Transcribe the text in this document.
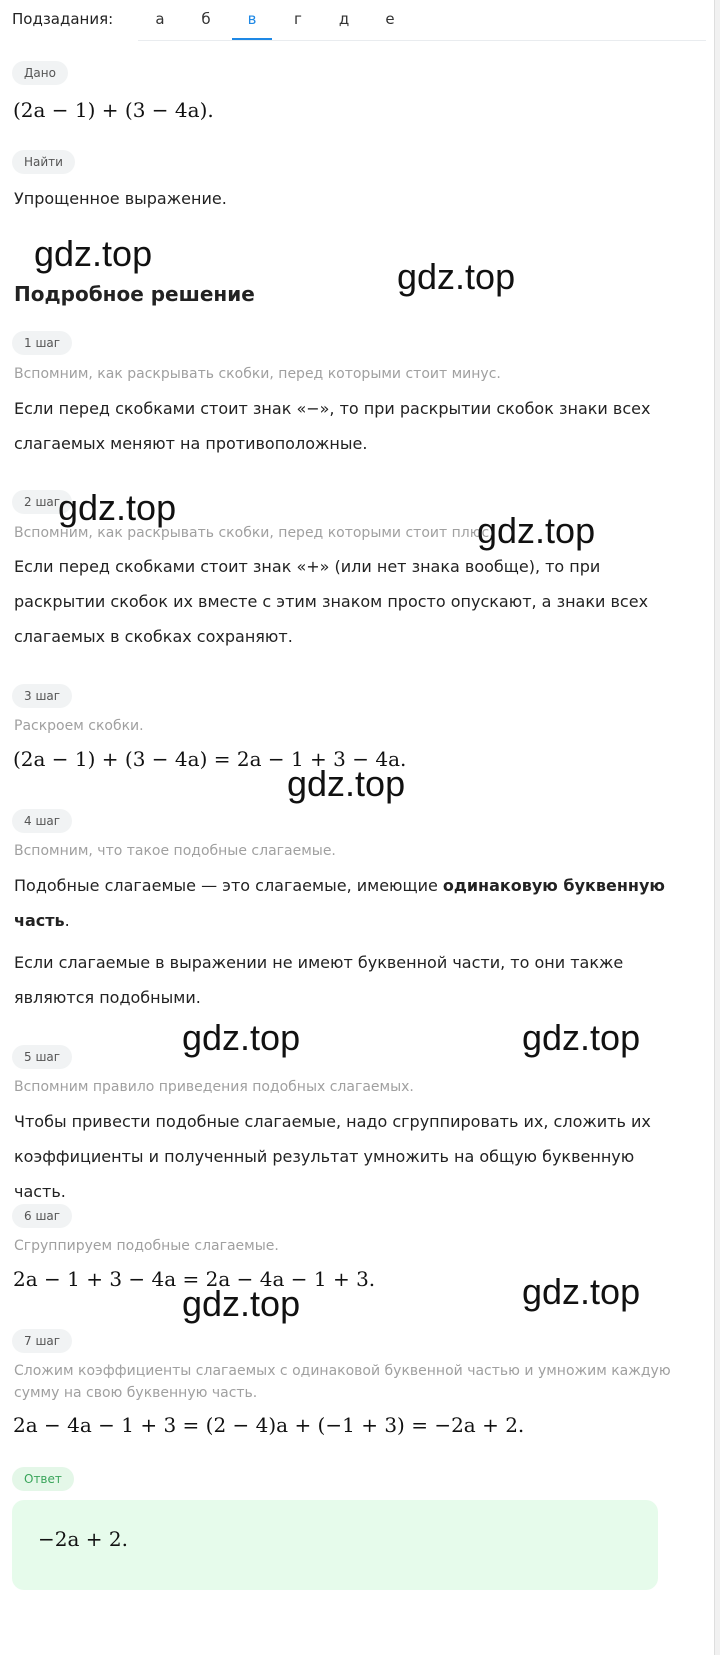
Подзадания:	а	б	в	г	д	е
Дано
(2a − 1) + (3 − 4a).
Найти
Упрощенное выражение.
Подробное решение
1 шаг
Вспомним, как раскрывать скобки, перед которыми стоит минус.
Если перед скобками стоит знак «−», то при раскрытии скобок знаки всех слагаемых меняют на противоположные.
2 шаг
Вспомним, как раскрывать скобки, перед которыми стоит плюс.
Если перед скобками стоит знак «+» (или нет знака вообще), то при раскрытии скобок их вместе с этим знаком просто опускают, а знаки всех слагаемых в скобках сохраняют.
3 шаг
Раскроем скобки.
(2a − 1) + (3 − 4a) = 2a − 1 + 3 − 4a.
4 шаг
Вспомним, что такое подобные слагаемые.
Подобные слагаемые — это слагаемые, имеющие одинаковую буквенную часть.
Если слагаемые в выражении не имеют буквенной части, то они также являются подобными.
5 шаг
Вспомним правило приведения подобных слагаемых.
Чтобы привести подобные слагаемые, надо сгруппировать их, сложить их коэффициенты и полученный результат умножить на общую буквенную часть.
6 шаг
Сгруппируем подобные слагаемые.
2a − 1 + 3 − 4a = 2a − 4a − 1 + 3.
7 шаг
Сложим коэффициенты слагаемых с одинаковой буквенной частью и умножим каждую сумму на свою буквенную часть.
2a − 4a − 1 + 3 = (2 − 4)a + (−1 + 3) = −2a + 2.
Ответ
−2a + 2.
gdz.top
gdz.top
gdz.top
gdz.top
gdz.top
gdz.top	gdz.top
gdz.top
gdz.top
